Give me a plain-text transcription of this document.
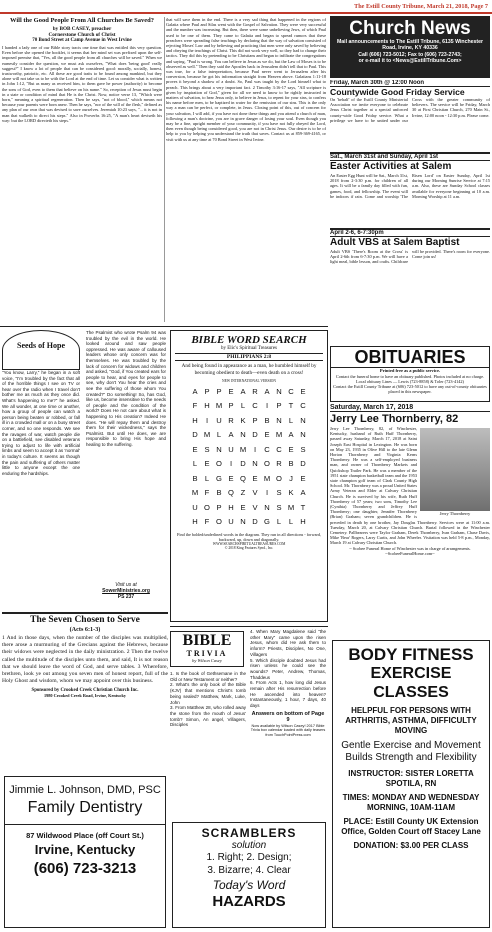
The Estill County Tribune, March 21, 2018, Page 7
Will the Good People From All Churches Be Saved?
by BOB CASEY, preacher
Cornerstone Church of Christ
70 Bond Street at Camp Avenue in West Irvine
I handed a lady one of our Bible story tracts one time that was entitled this very question. Even before she opened the booklet, it seems that her mind set was prefixed upon the self-imposed premise that, "Yes, all the good people from all churches will be saved." When we earnestly consider the question, we must ask ourselves, "What does 'being good' really suggest?" I know a lot of people that can be considered good: morally, socially, honest, trustworthy, patriotic, etc. All these are good traits to be found among mankind, but they alone will not take us to be with the Lord at the end of time. Let us consider what is written in John 1:12, "But as many as received him, to them gave he power (authority) to become the sons of God, even to them that believe on his name." So, reception of Jesus must begin in a state or condition of mind that He is the Christ. Now, notice verse 13, "Which were born," meaning a spiritual regeneration. Then he says, "not of blood," which means not because your parents were born anew. Then he says, "nor of the will of the flesh," defined as any plan of our own that was devised to save ourselves. Jeremiah 10:23 says, "... it is not in man that walketh to direct his steps." Also in Proverbs 16:25, "A man's heart deviseth his way: but the LORD directeth his steps."
that will save them in the end. There is a very sad thing that happened in the regions of Galatia where Paul and Silas went with the Gospel of Salvation. They were very successful and the number was increasing. But then, there were some unbelieving Jews, of which Paul used to be one of them. They came to Galatia and began to spread rumors that these preachers were spreading false teachings by declaring that the way of salvation consisted of rejecting Moses' Law and by believing and practicing that men were only saved by believing and obeying the teachings of Christ. This did not work very well, so they had to change their tactics. They did this by pretending to be Christians and began to infiltrate the congregations and saying, "Paul is wrong. You can believe in Jesus as we do, but the Law of Moses is to be observed as well." Then they said the Apostles back in Jerusalem didn't tell that to Paul. This was true, for a false interpretation, because Paul never went to Jerusalem after his conversion, because he got his information straight from Heaven above. Galatians 1:11-18 proves it beyond a shadow of a doubt. So, Paul was taught by the Lord himself what to preach. This brings about a very important fact. 2 Timothy 3:16-17 says, "All scripture is given by inspiration of God," given for all we need to know to be rightly instructed in matters of salvation, to hear Jesus only, to believe in Jesus, to repent for your sins, to confess his name before men, to be baptized in water for the remission of our sins. This is the only way a man can be perfect, or complete, in Jesus. Closing point of this, out of concern for your salvation, I will add, if you have not done these things and you attend a church of man, following a man's doctrine, you are in grave danger of losing your soul. Even though you may be a fine, upright member of your community, if you have not fully obeyed the Lord, then even though being considered good, you are not in Christ Jesus. Our desire is to be of help to you by helping you understand the truth that saves. Contact us at 859-369-4165, or visit with us at any time at 70 Bond Street in West Irvine.
Church News
Mail announcements to The Estill Tribune, 6135 Winchester Road, Irvine, KY 40336
Call (606) 723-5012; Fax to (606) 723-2743;
or e-mail it to <News@EstillTribune.Com>
Friday, March 30th @ 12:00 Noon
Countywide Good Friday Service
On 'behalf' of the Estill County Ministerial Association we invite everyone to celebrate Jesus Christ together at a special unforced county-wide Good Friday service. What a privilege we have to be united under our Cross with the greater community of believers. The service will be Friday, March 30 at First Christian Church, 270 Main St., Irvine, 12:00 noon - 12:30 p.m. Please come.
Sat., March 31st and Sunday, April 1st
Easter Activities at Salem
An Easter Egg Hunt will be Sat., March 31st, 2018 from 2-3:30 p.m. for children of all ages. It will be a family day filled with fun, games, food, and fellowship. The event will be indoors if rain. Come and worship 'The Risen Lord' on Easter Sunday, April 1st during our Morning Sunrise Service at 7:15 a.m. Also, these are Sunday School classes available for everyone beginning at 10 a.m. Morning Worship at 11 a.m.
April 2-6, 6-7:30pm
Adult VBS at Salem Baptist
Adult VBS 'There's Room at the Cross' is April 2-6th from 6-7:30 p.m. We will have a light meal, bible lesson, and crafts. Childcare will be provided. There's room for everyone. Come join us!
OBITUARIES
Printed free as a public service.
Contact the funeral home to have an obituary published. Photos included at no charge.
Local obituary Lines — Lewis (723-8858) & Toler (723-4142)
Contact the Estill County Tribune at (606) 723-5012 to have any out-of-county obituaries placed in this newspaper.
Saturday, March 17, 2018
Jerry Lee Thornberry, 82
Jerry Thornberry
Jerry Lee Thornberry, 82, of Winchester, Kentucky, husband of Ruth Huff Thornberry, passed away Saturday, March 17, 2018 at Saint Joseph East Hospital in Lexington. He was born on May 23, 1935 in Olive Hill to the late Glenn Horton Thornberry and Virginia Kerns Thornberry. He was a self-employed business man, and owner of Thornberry Markets and Quickshop Trailer Park. He was a member of the 1951 state champion basketball team and the 1953 state champion golf team of Clark County High School. Mr. Thornberry was a proud United States Army Veteran and Elder at Calvary Christian Church. He is survived by his wife, Ruth Huff Thornberry of 57 years; two sons, Timothy Lee (Cynthia) Thornberry and Jeffrey Huff Thornberry; one daughter, Jennifer Thornberry (Brian) Graham; seven grandchildren. He is preceded in death by one brother, Jay Douglas Thornberry. Services were at 11:00 a.m. Tuesday, March 20, at Calvary Christian Church. Burial followed in the Winchester Cemetery. Pallbearers were Taylor Graham, Derek Thornberry, Ivan Graham, Chase Davis, Mike 'Bear' Rogers, Larry Curtis, and John Wheeler. Visitation was held 5-8 p.m., Monday, March 19 at Calvary Christian Church.
~ Scobee Funeral Home of Winchester was in charge of arrangements. ~ScobeeFuneralHome.com~
Seeds of Hope
"You know, Larry," he began in a soft voice, "I'm troubled by the fact that all of the horrible things I see on TV or hear over the radio when I travel don't bother me as much as they once did. What's happening to me?" he asked. We all wonder, at one time or another, how a group of people can watch a person being beaten or robbed, or fall ill in a crowded mall or on a busy street corner, and no one responds. We see the ravages of war, watch people die on a battlefield, see disabled veterans trying to adjust to life with artificial limbs and seem to accept it as 'normal' in today's culture. It seems as though the pain and suffering of others matter little to anyone except the one enduring the hardships.
The Psalmist who wrote Psalm 94 was troubled by the evil in the world. He looked around and saw people oppressed. He was aware of calloused leaders whose only concern was for themselves. He was troubled by the lack of concern for widows and children and asked, "God, if You created ears for people to hear, and eyes for people to see, why don't You hear the cries and see the suffering of those whom You created?" Do something! So, has God, like us, become insensitive to the needs of people and the condition of the world? Does He not care about what is happening to His creation? Indeed He does. "He will repay them and destroy them for their wickedness," says the Psalmist. But until He does, we are responsible to bring His hope and healing to the suffering.
Visit us at
SowerMinistries.org
PS 237
The Seven Chosen to Serve
(Acts 6:1-3)
1 And in those days, when the number of the disciples was multiplied, there arose a murmuring of the Grecians against the Hebrews, because their widows were neglected in the daily ministration. 2 Then the twelve called the multitude of the disciples unto them, and said, It is not reason that we should leave the word of God, and serve tables. 3 Wherefore, brethren, look ye out among you seven men of honest report, full of the Holy Ghost and wisdom, whom we may appoint over this business.
Sponsored by Crooked Creek Christian Church Inc.
1980 Crooked Creek Road, Irvine, Kentucky
Jimmie L. Johnson, DMD, PSC
Family Dentistry
87 Wildwood Place (off Court St.)
Irvine, Kentucky
(606) 723-3213
BIBLE WORD SEARCH
by Elic's Spiritual Treasures
PHILIPPIANS 2:8
And being found in appearance as a man, he humbled himself by becoming obedient to death—even death on a cross!
NEW INTERNATIONAL VERSION
A P P E A R A N C E
F H M P L C I P T C
H I U R K P B N L N
D M L A N D E M A N
E S N U M I C C E S
L E O I D N O R B D
B L G E Q E M O J E
M F B Q Z V I S K A
U O P H E V N S M T
H F O U N D G L L H
Find the bolded/underlined words in the diagram. They run in all directions - forward, backward, up, down and diagonally.
WWW.SEARCHSPIRITUALTREASURES.COM
© 2018 King Features Synd., Inc.
BIBLE
TRIVIA
by Wilson Casey
1. Is the book of Gethsemane in the Old or New Testament or neither?
2. What's the only book of the Bible (KJV) that mentions Christ's tomb being sealed? Matthew, Mark, Luke, John
3. From Matthew 28, who rolled away the stone from the mouth of Jesus' tomb? Simon, An angel, Villagers, Disciples
4. When Mary Magdalene said "the other Mary" came upon the risen Jesus, whom did He ask them to inform? Priests, Disciples, No One, Villagers
5. Which disciple doubted Jesus had risen unless he could see the wounds? Peter, Andrew, Thomas, Thaddeus
6. From Acts 1, how long did Jesus remain after His resurrection before He ascended into heaven? Instantaneously, 1 hour, 7 days, 40 days
Answers on bottom of Page 9
Now available by Wilson Casey! 2017 Bible Trivia box calendar loaded with daily teasers from TouchPointPress.com
SCRAMBLERS
solution
1. Right; 2. Design;
3. Bizarre; 4. Clear
Today's Word
HAZARDS
BODY FITNESS
EXERCISE CLASSES
HELPFUL FOR PERSONS WITH ARTHRITIS, ASTHMA, DIFFICULTY MOVING
Gentle Exercise and Movement Builds Strength and Flexibility
INSTRUCTOR: SISTER LORETTA SPOTILA, RN
TIMES: MONDAY AND WEDNESDAY MORNING, 10AM-11AM
PLACE: Estill County UK Extension Office, Golden Court off Stacey Lane
DONATION: $3.00 PER CLASS
